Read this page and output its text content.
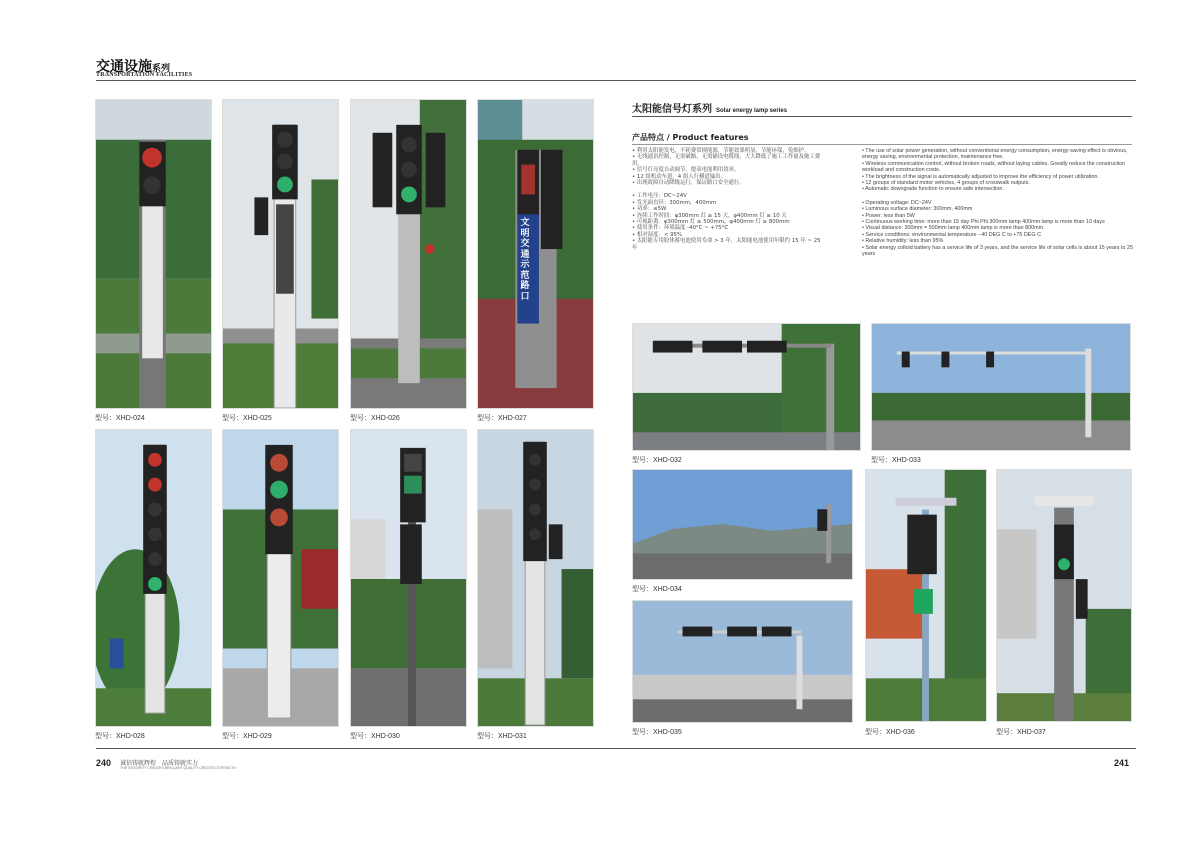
交通设施系列
TRANSPORTATION FACILITIES
文明交通示范路口
型号：XHD-024	型号：XHD-025	型号：XHD-026	型号：XHD-027
型号：XHD-028	型号：XHD-029	型号：XHD-030	型号：XHD-031
太阳能信号灯系列 Solar energy lamp series
产品特点 / Product features

• 利用太阳能发电，不耗费常规能源，节能效果明显，节能环保，免维护。

• 无线通讯控制，无需破路，无需铺设电缆线，大大降低了施工工作量及施工费用。

• 信号灯亮度自动调节，提高电能利用效率。

• 12 组机动车道，4 组人行横道输出。

• 出现故障自动降级运行，保证路口安全通行。

• 工作电压：DC~24V

• 发光面直径：300mm，400mm

• 功率：≤5W

• 连续工作时间：φ300mm 灯 ≥ 15 天，φ400mm 灯 ≥ 10 天

• 可视距离：φ300mm 灯 ≥ 500mm，φ400mm 灯 ≥ 800mm

• 使用条件：环境温度 -40°C ~ +75°C

• 相对湿度：< 95%

• 太阳能专用胶体蓄电池使用寿命 > 3 年，太阳能电池使用年限约 15 年 ~ 25 年

• The use of solar power generation, without conventional energy consumption, energy-saving effect is obvious, energy saving, environmental protection, maintenance free.

• Wireless communication control, without broken roads, without laying cables. Greatly reduce the construction workload and construction costs.

• The brightness of the signal is automatically adjusted to improve the efficiency of power utilization.

• 12 groups of standard motor vehicles, 4 groups of crosswalk outputs.

• Automatic downgrade function to ensure safe intersection.

• Operating voltage: DC~24V

• Luminous surface diameter: 300mm, 400mm

• Power: less than 5W

• Continuous working time: more than 15 day Phi Phi 300mm lamp 400mm lamp is more than 10 days

• Visual distance: 300mm = 500mm lamp 400mm lamp is more than 800mm.

• Service conditions: environmental temperature −40 DEG C to +75 DEG C

• Relative humidity: less than 95%

• Solar energy colloid battery has a service life of 3 years, and the service life of solar cells is about 15 years to 25 years

型号：XHD-032	型号：XHD-033
型号：XHD-034
型号：XHD-035	型号：XHD-036	型号：XHD-037
240 诚信铸就辉煌　品质铸就实力
THE INTEGRITY CREATES BRILLIANT QUALITY CREATES STRENGTH	241
